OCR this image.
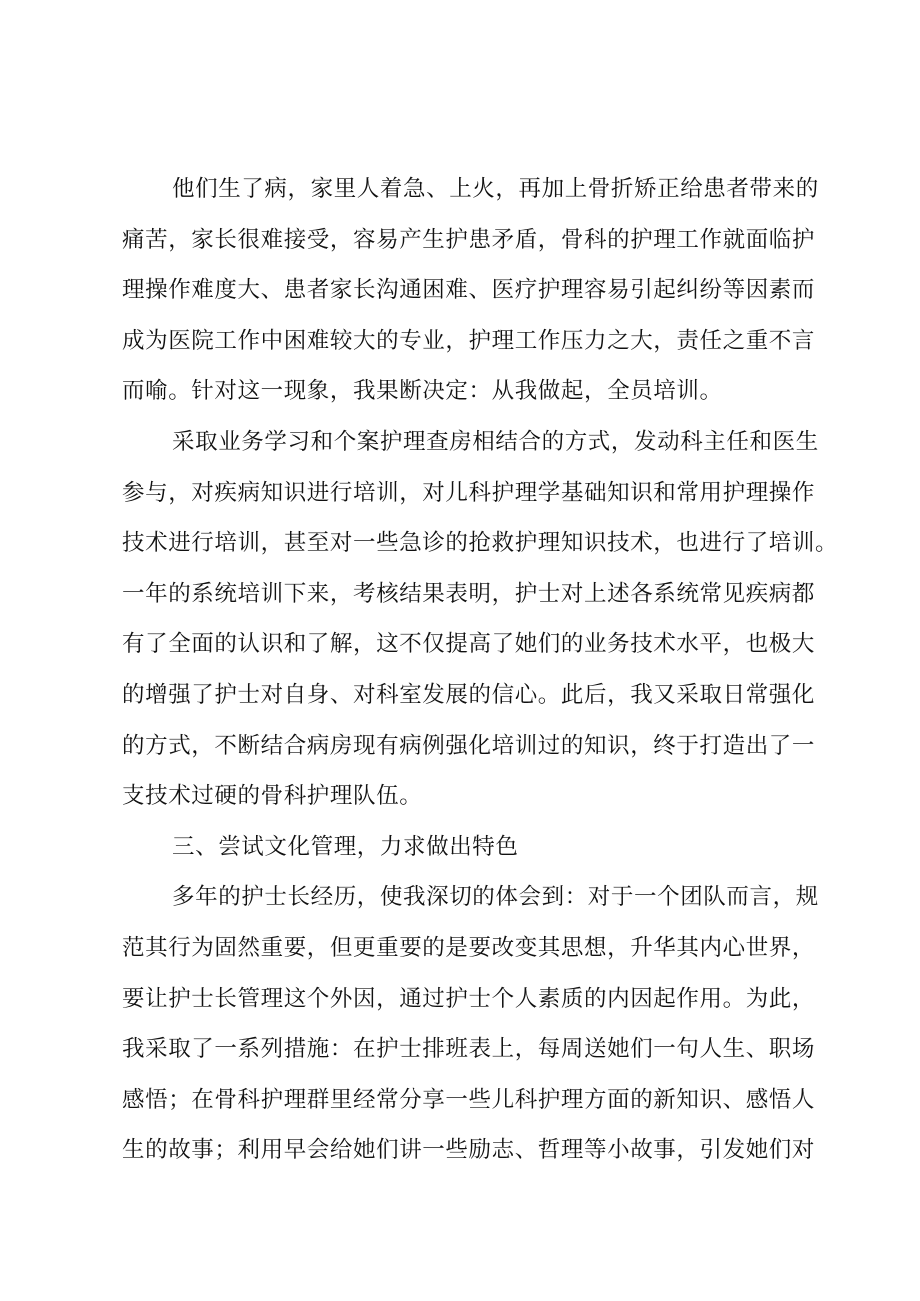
他们生了病，家里人着急、上火，再加上骨折矫正给患者带来的
痛苦，家长很难接受，容易产生护患矛盾，骨科的护理工作就面临护
理操作难度大、患者家长沟通困难、医疗护理容易引起纠纷等因素而
成为医院工作中困难较大的专业，护理工作压力之大，责任之重不言
而喻。针对这一现象，我果断决定：从我做起，全员培训。
采取业务学习和个案护理查房相结合的方式，发动科主任和医生
参与，对疾病知识进行培训，对儿科护理学基础知识和常用护理操作
技术进行培训，甚至对一些急诊的抢救护理知识技术，也进行了培训。
一年的系统培训下来，考核结果表明，护士对上述各系统常见疾病都
有了全面的认识和了解，这不仅提高了她们的业务技术水平，也极大
的增强了护士对自身、对科室发展的信心。此后，我又采取日常强化
的方式，不断结合病房现有病例强化培训过的知识，终于打造出了一
支技术过硬的骨科护理队伍。
三、尝试文化管理，力求做出特色
多年的护士长经历，使我深切的体会到：对于一个团队而言，规
范其行为固然重要，但更重要的是要改变其思想，升华其内心世界，
要让护士长管理这个外因，通过护士个人素质的内因起作用。为此，
我采取了一系列措施：在护士排班表上，每周送她们一句人生、职场
感悟；在骨科护理群里经常分享一些儿科护理方面的新知识、感悟人
生的故事；利用早会给她们讲一些励志、哲理等小故事，引发她们对
